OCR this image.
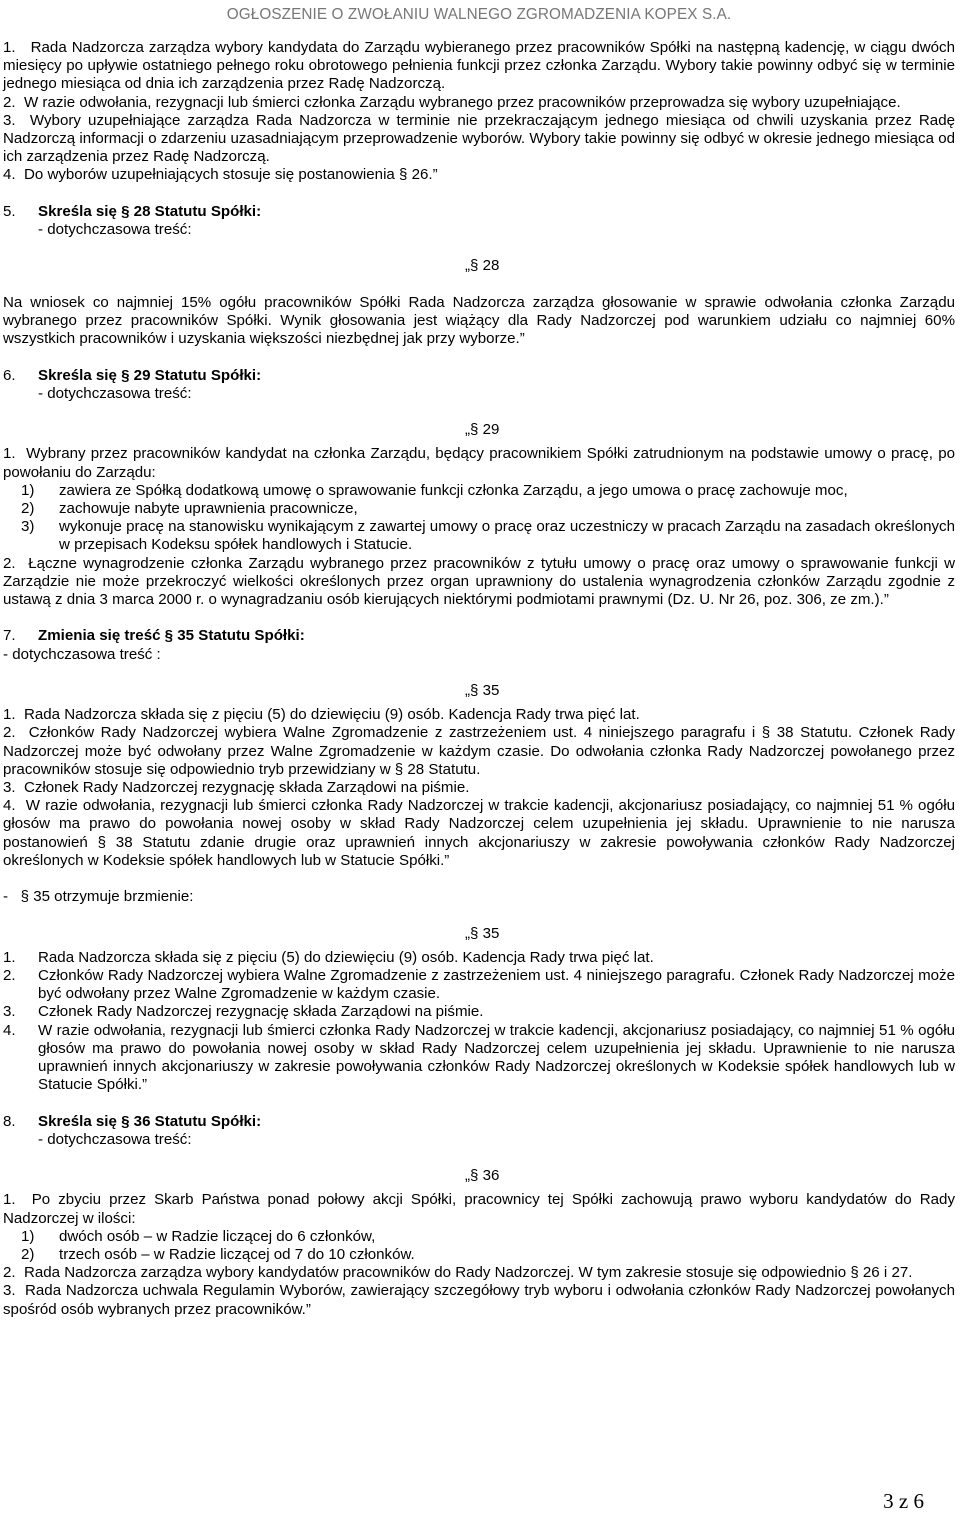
OGŁOSZENIE O ZWOŁANIU WALNEGO ZGROMADZENIA KOPEX S.A.

1.   Rada Nadzorcza zarządza wybory kandydata do Zarządu wybieranego przez pracowników Spółki na następną kadencję, w ciągu dwóch miesięcy po upływie ostatniego pełnego roku obrotowego pełnienia funkcji przez członka Zarządu. Wybory takie powinny odbyć się w terminie jednego miesiąca od dnia ich zarządzenia przez Radę Nadzorczą.

2.  W razie odwołania, rezygnacji lub śmierci członka Zarządu wybranego przez pracowników przeprowadza się wybory uzupełniające.

3.  Wybory uzupełniające zarządza Rada Nadzorcza w terminie nie przekraczającym jednego miesiąca od chwili uzyskania przez Radę Nadzorczą informacji o zdarzeniu uzasadniającym przeprowadzenie wyborów. Wybory takie powinny się odbyć w okresie jednego miesiąca od ich zarządzenia przez Radę Nadzorczą.

4.  Do wyborów uzupełniających stosuje się postanowienia § 26.”

5.	Skreśla się § 28 Statutu Spółki:

- dotychczasowa treść:

„§ 28

Na wniosek co najmniej 15% ogółu pracowników Spółki Rada Nadzorcza zarządza głosowanie w sprawie odwołania członka Zarządu wybranego przez pracowników Spółki. Wynik głosowania jest wiążący dla Rady Nadzorczej pod warunkiem udziału co najmniej 60% wszystkich pracowników i uzyskania większości niezbędnej jak przy wyborze.”

6.	Skreśla się § 29 Statutu Spółki:

- dotychczasowa treść:

„§ 29

1.  Wybrany przez pracowników kandydat na członka Zarządu, będący pracownikiem Spółki zatrudnionym na podstawie umowy o pracę, po powołaniu do Zarządu:

1)	zawiera ze Spółką dodatkową umowę o sprawowanie funkcji członka Zarządu, a jego umowa o pracę zachowuje moc,
2)	zachowuje nabyte uprawnienia pracownicze,
3)	wykonuje pracę na stanowisku wynikającym z zawartej umowy o pracę oraz uczestniczy w pracach Zarządu na zasadach określonych w przepisach Kodeksu spółek handlowych i Statucie.

2.  Łączne wynagrodzenie członka Zarządu wybranego przez pracowników z tytułu umowy o pracę oraz umowy o sprawowanie funkcji w Zarządzie nie może przekroczyć wielkości określonych przez organ uprawniony do ustalenia wynagrodzenia członków Zarządu zgodnie z ustawą z dnia 3 marca 2000 r. o wynagradzaniu osób kierujących niektórymi podmiotami prawnymi (Dz. U. Nr 26, poz. 306, ze zm.).”

7.	Zmienia się treść § 35 Statutu Spółki:

- dotychczasowa treść :

„§ 35

1.  Rada Nadzorcza składa się z pięciu (5) do dziewięciu (9) osób. Kadencja Rady trwa pięć lat.

2.  Członków Rady Nadzorczej wybiera Walne Zgromadzenie z zastrzeżeniem ust. 4 niniejszego paragrafu i § 38 Statutu. Członek Rady Nadzorczej może być odwołany przez Walne Zgromadzenie w każdym czasie. Do odwołania członka Rady Nadzorczej powołanego przez pracowników stosuje się odpowiednio tryb przewidziany w § 28 Statutu.

3.  Członek Rady Nadzorczej rezygnację składa Zarządowi na piśmie.

4.  W razie odwołania, rezygnacji lub śmierci członka Rady Nadzorczej w trakcie kadencji, akcjonariusz posiadający, co najmniej 51 % ogółu głosów ma prawo do powołania nowej osoby w skład Rady Nadzorczej celem uzupełnienia jej składu. Uprawnienie to nie narusza postanowień § 38 Statutu zdanie drugie oraz uprawnień innych akcjonariuszy w zakresie powoływania członków Rady Nadzorczej określonych w Kodeksie spółek handlowych lub w Statucie Spółki.”

-   § 35 otrzymuje brzmienie:

„§ 35

1.	Rada Nadzorcza składa się z pięciu (5) do dziewięciu (9) osób. Kadencja Rady trwa pięć lat.
2.	Członków Rady Nadzorczej wybiera Walne Zgromadzenie z zastrzeżeniem ust. 4 niniejszego paragrafu. Członek Rady Nadzorczej może być odwołany przez Walne Zgromadzenie w każdym czasie.
3.	Członek Rady Nadzorczej rezygnację składa Zarządowi na piśmie.
4.	W razie odwołania, rezygnacji lub śmierci członka Rady Nadzorczej w trakcie kadencji, akcjonariusz posiadający, co najmniej 51 % ogółu głosów ma prawo do powołania nowej osoby w skład Rady Nadzorczej celem uzupełnienia jej składu. Uprawnienie to nie narusza uprawnień innych akcjonariuszy w zakresie powoływania członków Rady Nadzorczej określonych w Kodeksie spółek handlowych lub w Statucie Spółki.”
8.	Skreśla się § 36 Statutu Spółki:

- dotychczasowa treść:

„§ 36

1.  Po zbyciu przez Skarb Państwa ponad połowy akcji Spółki, pracownicy tej Spółki zachowują prawo wyboru kandydatów do Rady Nadzorczej w ilości:

1)	dwóch osób – w Radzie liczącej do 6 członków,
2)	trzech osób – w Radzie liczącej od 7 do 10 członków.

2.  Rada Nadzorcza zarządza wybory kandydatów pracowników do Rady Nadzorczej. W tym zakresie stosuje się odpowiednio § 26 i 27.

3.  Rada Nadzorcza uchwala Regulamin Wyborów, zawierający szczegółowy tryb wyboru i odwołania członków Rady Nadzorczej powołanych spośród osób wybranych przez pracowników.”

3 z 6
